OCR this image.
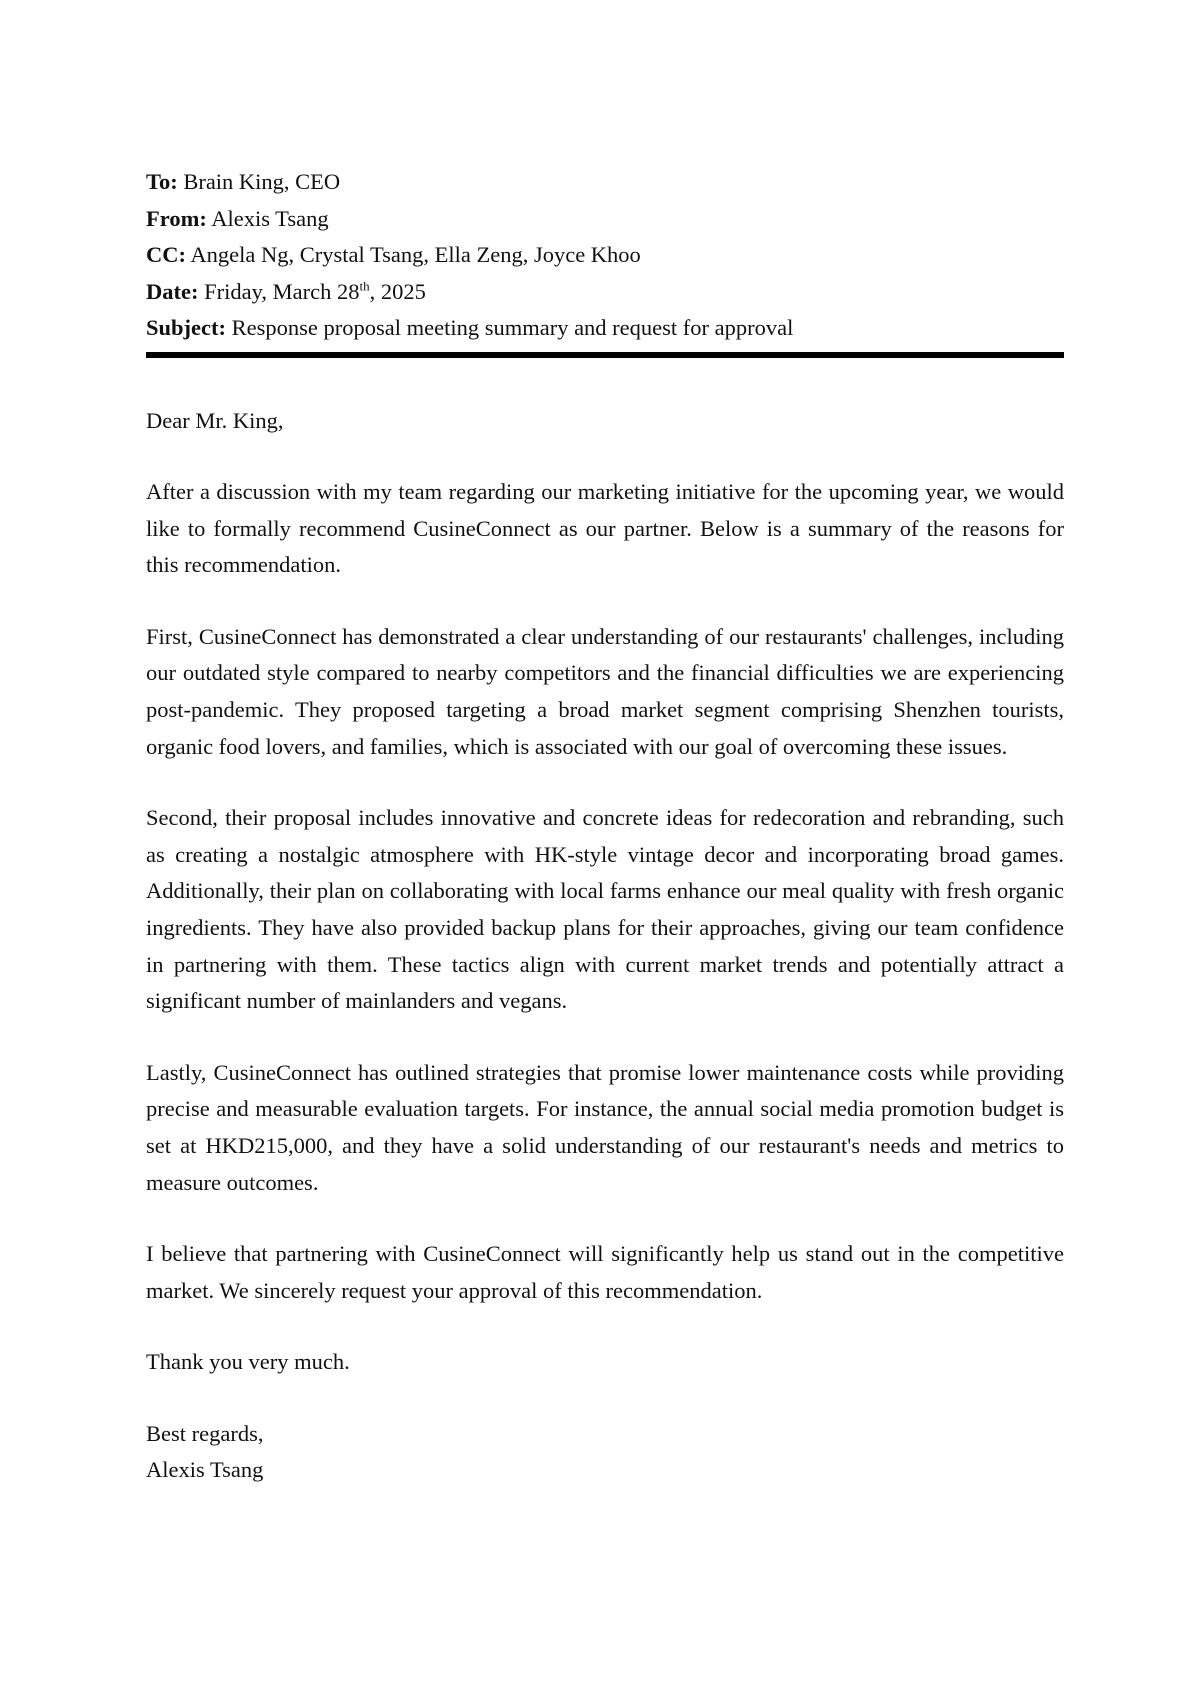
To: Brain King, CEO
From: Alexis Tsang
CC: Angela Ng, Crystal Tsang, Ella Zeng, Joyce Khoo
Date: Friday, March 28th, 2025
Subject: Response proposal meeting summary and request for approval
Dear Mr. King,

After a discussion with my team regarding our marketing initiative for the upcoming year, we would like to formally recommend CusineConnect as our partner. Below is a summary of the reasons for this recommendation.

First, CusineConnect has demonstrated a clear understanding of our restaurants' challenges, including our outdated style compared to nearby competitors and the financial difficulties we are experiencing post-pandemic. They proposed targeting a broad market segment comprising Shenzhen tourists, organic food lovers, and families, which is associated with our goal of overcoming these issues.

Second, their proposal includes innovative and concrete ideas for redecoration and rebranding, such as creating a nostalgic atmosphere with HK-style vintage decor and incorporating broad games. Additionally, their plan on collaborating with local farms enhance our meal quality with fresh organic ingredients. They have also provided backup plans for their approaches, giving our team confidence in partnering with them. These tactics align with current market trends and potentially attract a significant number of mainlanders and vegans.

Lastly, CusineConnect has outlined strategies that promise lower maintenance costs while providing precise and measurable evaluation targets. For instance, the annual social media promotion budget is set at HKD215,000, and they have a solid understanding of our restaurant's needs and metrics to measure outcomes.

I believe that partnering with CusineConnect will significantly help us stand out in the competitive market. We sincerely request your approval of this recommendation.

Thank you very much.

Best regards,
Alexis Tsang
